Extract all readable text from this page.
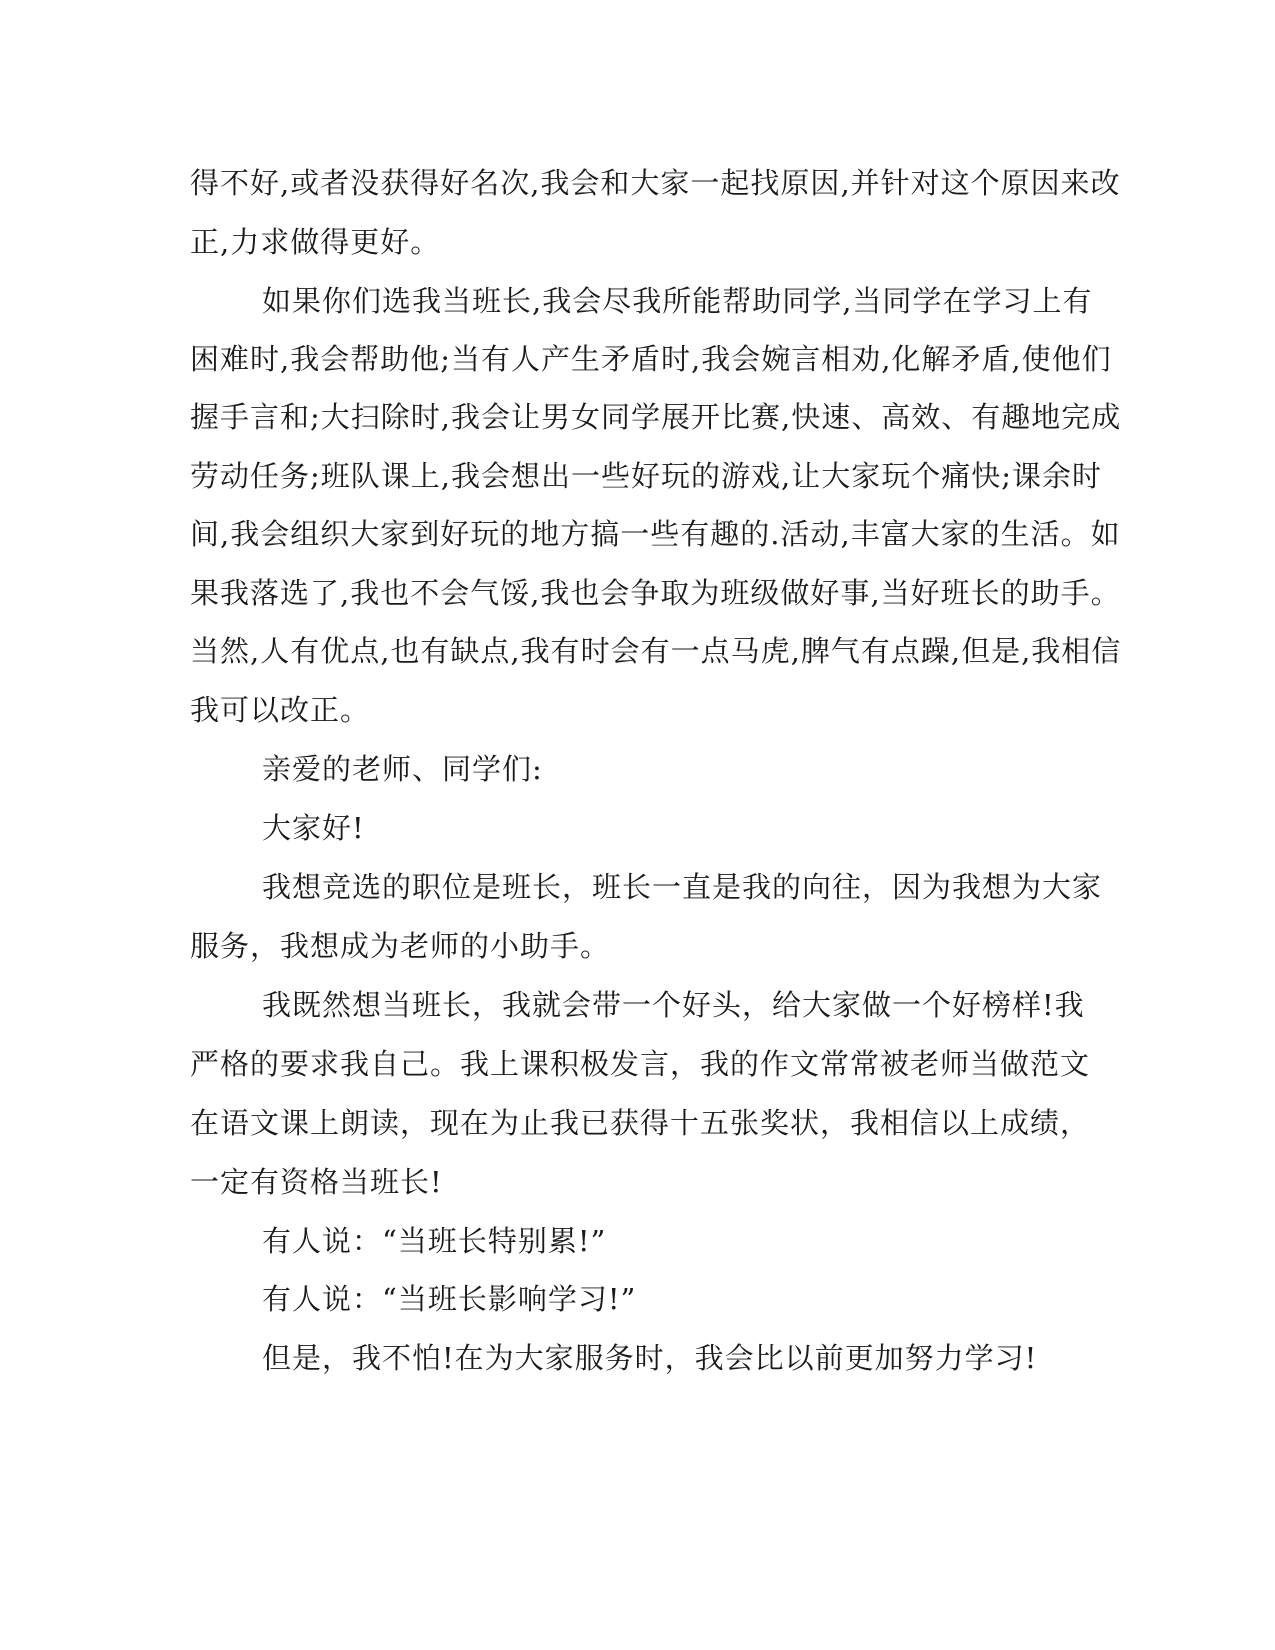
得不好,或者没获得好名次,我会和大家一起找原因,并针对这个原因来改
正,力求做得更好。
如果你们选我当班长,我会尽我所能帮助同学,当同学在学习上有
困难时,我会帮助他;当有人产生矛盾时,我会婉言相劝,化解矛盾,使他们
握手言和;大扫除时,我会让男女同学展开比赛,快速、高效、有趣地完成
劳动任务;班队课上,我会想出一些好玩的游戏,让大家玩个痛快;课余时
间,我会组织大家到好玩的地方搞一些有趣的.活动,丰富大家的生活。如
果我落选了,我也不会气馁,我也会争取为班级做好事,当好班长的助手。
当然,人有优点,也有缺点,我有时会有一点马虎,脾气有点躁,但是,我相信
我可以改正。
亲爱的老师、同学们:
大家好!
我想竞选的职位是班长，班长一直是我的向往，因为我想为大家
服务，我想成为老师的小助手。
我既然想当班长，我就会带一个好头，给大家做一个好榜样!我
严格的要求我自己。我上课积极发言，我的作文常常被老师当做范文
在语文课上朗读，现在为止我已获得十五张奖状，我相信以上成绩，
一定有资格当班长!
有人说：“当班长特别累!”
有人说：“当班长影响学习!”
但是，我不怕!在为大家服务时，我会比以前更加努力学习!
